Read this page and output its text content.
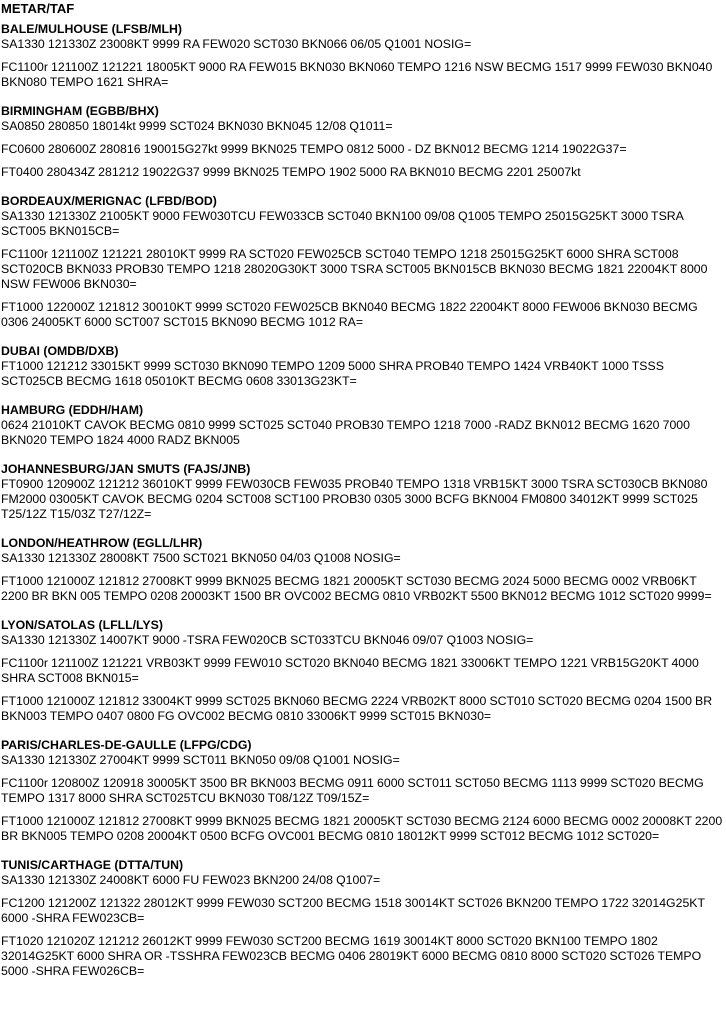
METAR/TAF
BALE/MULHOUSE (LFSB/MLH)
SA1330 121330Z 23008KT 9999 RA FEW020 SCT030 BKN066 06/05 Q1001 NOSIG=
FC1100r 121100Z 121221 18005KT 9000 RA FEW015 BKN030 BKN060 TEMPO 1216 NSW BECMG 1517 9999 FEW030 BKN040 BKN080 TEMPO 1621 SHRA=
BIRMINGHAM (EGBB/BHX)
SA0850 280850 18014kt 9999 SCT024 BKN030 BKN045 12/08 Q1011=
FC0600 280600Z 280816 190015G27kt 9999 BKN025 TEMPO 0812 5000 - DZ BKN012 BECMG 1214 19022G37=
FT0400 280434Z 281212 19022G37 9999 BKN025 TEMPO 1902 5000 RA BKN010 BECMG 2201 25007kt
BORDEAUX/MERIGNAC (LFBD/BOD)
SA1330 121330Z 21005KT 9000 FEW030TCU FEW033CB SCT040 BKN100 09/08 Q1005 TEMPO 25015G25KT 3000 TSRA SCT005 BKN015CB=
FC1100r 121100Z 121221 28010KT 9999 RA SCT020 FEW025CB SCT040 TEMPO 1218 25015G25KT 6000 SHRA SCT008 SCT020CB BKN033 PROB30 TEMPO 1218 28020G30KT 3000 TSRA SCT005 BKN015CB BKN030 BECMG 1821 22004KT 8000 NSW FEW006 BKN030=
FT1000 122000Z 121812 30010KT 9999 SCT020 FEW025CB BKN040 BECMG 1822 22004KT 8000 FEW006 BKN030 BECMG 0306 24005KT 6000 SCT007 SCT015 BKN090 BECMG 1012 RA=
DUBAI (OMDB/DXB)
FT1000 121212 33015KT 9999 SCT030 BKN090 TEMPO 1209 5000 SHRA PROB40 TEMPO 1424 VRB40KT 1000 TSSS SCT025CB BECMG 1618 05010KT BECMG 0608 33013G23KT=
HAMBURG (EDDH/HAM)
0624 21010KT CAVOK BECMG 0810 9999 SCT025 SCT040 PROB30 TEMPO 1218 7000 -RADZ BKN012 BECMG 1620 7000 BKN020 TEMPO 1824 4000 RADZ BKN005
JOHANNESBURG/JAN SMUTS (FAJS/JNB)
FT0900 120900Z 121212 36010KT 9999 FEW030CB FEW035 PROB40 TEMPO 1318 VRB15KT 3000 TSRA SCT030CB BKN080 FM2000 03005KT CAVOK BECMG 0204 SCT008 SCT100 PROB30 0305 3000 BCFG BKN004 FM0800 34012KT 9999 SCT025 T25/12Z T15/03Z T27/12Z=
LONDON/HEATHROW (EGLL/LHR)
SA1330 121330Z 28008KT 7500 SCT021 BKN050 04/03 Q1008 NOSIG=
FT1000 121000Z 121812 27008KT 9999 BKN025 BECMG 1821 20005KT SCT030 BECMG 2024 5000 BECMG 0002 VRB06KT 2200 BR BKN 005 TEMPO 0208 20003KT 1500 BR OVC002 BECMG 0810 VRB02KT 5500 BKN012 BECMG 1012 SCT020 9999=
LYON/SATOLAS (LFLL/LYS)
SA1330 121330Z 14007KT 9000 -TSRA FEW020CB SCT033TCU BKN046 09/07 Q1003 NOSIG=
FC1100r 121100Z 121221 VRB03KT 9999 FEW010 SCT020 BKN040 BECMG 1821 33006KT TEMPO 1221 VRB15G20KT 4000 SHRA SCT008 BKN015=
FT1000 121000Z 121812 33004KT 9999 SCT025 BKN060 BECMG 2224 VRB02KT 8000 SCT010 SCT020 BECMG 0204 1500 BR BKN003 TEMPO 0407 0800 FG OVC002 BECMG 0810 33006KT 9999 SCT015 BKN030=
PARIS/CHARLES-DE-GAULLE (LFPG/CDG)
SA1330 121330Z 27004KT 9999 SCT011 BKN050 09/08 Q1001 NOSIG=
FC1100r 120800Z 120918 30005KT 3500 BR BKN003 BECMG 0911 6000 SCT011 SCT050 BECMG 1113 9999 SCT020 BECMG TEMPO 1317 8000 SHRA SCT025TCU BKN030 T08/12Z T09/15Z=
FT1000 121000Z 121812 27008KT 9999 BKN025 BECMG 1821 20005KT SCT030 BECMG 2124 6000 BECMG 0002 20008KT 2200 BR BKN005 TEMPO 0208 20004KT 0500 BCFG OVC001 BECMG 0810 18012KT 9999 SCT012 BECMG 1012 SCT020=
TUNIS/CARTHAGE (DTTA/TUN)
SA1330 121330Z 24008KT 6000 FU FEW023 BKN200 24/08 Q1007=
FC1200 121200Z 121322 28012KT 9999 FEW030 SCT200 BECMG 1518 30014KT SCT026 BKN200 TEMPO 1722 32014G25KT 6000 -SHRA FEW023CB=
FT1020 121020Z 121212 26012KT 9999 FEW030 SCT200 BECMG 1619 30014KT 8000 SCT020 BKN100 TEMPO 1802 32014G25KT 6000 SHRA OR -TSSHRA FEW023CB BECMG 0406 28019KT 6000 BECMG 0810 8000 SCT020 SCT026 TEMPO 5000 -SHRA FEW026CB=
